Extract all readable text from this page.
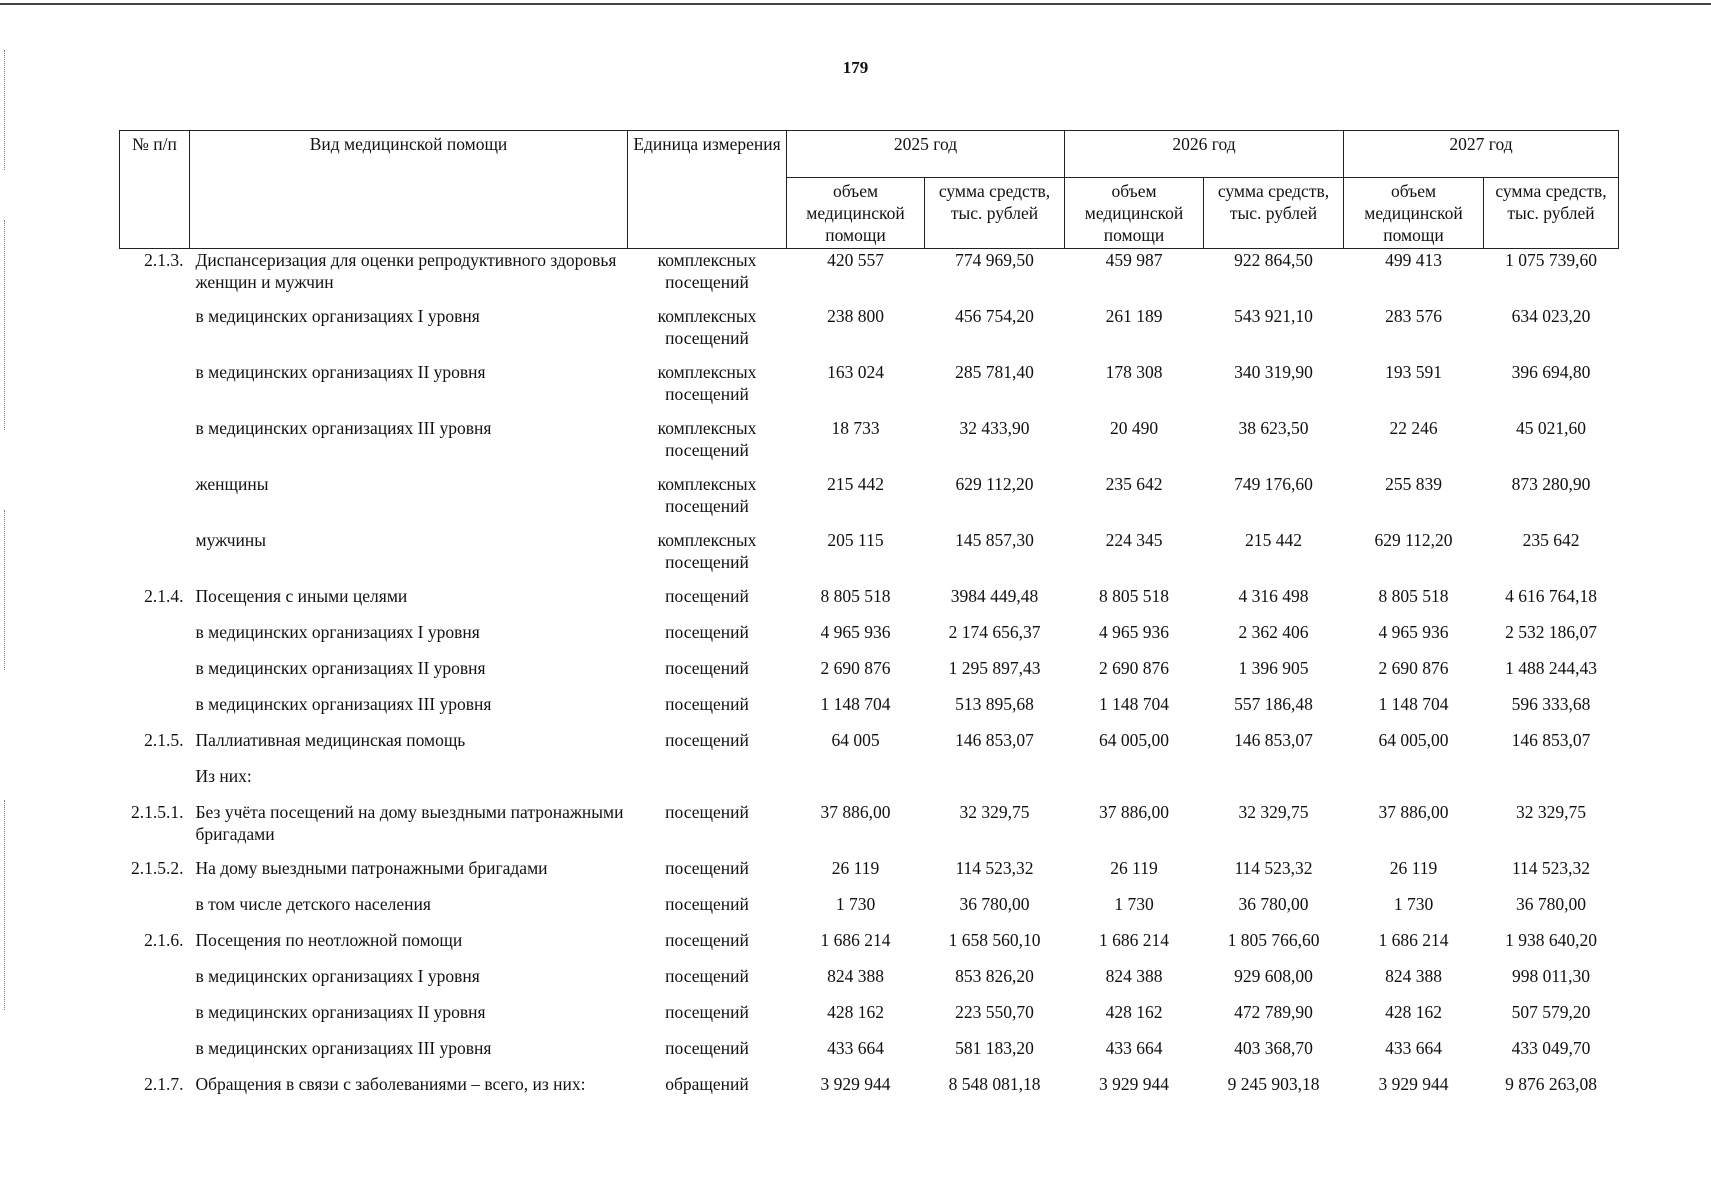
179
№ п/п	Вид медицинской помощи	Единица измерения	2025 год		2026 год		2027 год	
			объем медицинской помощи	сумма средств, тыс. рублей	объем медицинской помощи	сумма средств, тыс. рублей	объем медицинской помощи	сумма средств, тыс. рублей
2.1.3.	Диспансеризация для оценки репродуктивного здоровья женщин и мужчин	комплексных посещений	420 557	774 969,50	459 987	922 864,50	499 413	1 075 739,60
	в медицинских организациях I уровня	комплексных посещений	238 800	456 754,20	261 189	543 921,10	283 576	634 023,20
	в медицинских организациях II уровня	комплексных посещений	163 024	285 781,40	178 308	340 319,90	193 591	396 694,80
	в медицинских организациях III уровня	комплексных посещений	18 733	32 433,90	20 490	38 623,50	22 246	45 021,60
	женщины	комплексных посещений	215 442	629 112,20	235 642	749 176,60	255 839	873 280,90
	мужчины	комплексных посещений	205 115	145 857,30	224 345	215 442	629 112,20	235 642
2.1.4.	Посещения с иными целями	посещений	8 805 518	3984 449,48	8 805 518	4 316 498	8 805 518	4 616 764,18
	в медицинских организациях I уровня	посещений	4 965 936	2 174 656,37	4 965 936	2 362 406	4 965 936	2 532 186,07
	в медицинских организациях II уровня	посещений	2 690 876	1 295 897,43	2 690 876	1 396 905	2 690 876	1 488 244,43
	в медицинских организациях III уровня	посещений	1 148 704	513 895,68	1 148 704	557 186,48	1 148 704	596 333,68
2.1.5.	Паллиативная медицинская помощь	посещений	64 005	146 853,07	64 005,00	146 853,07	64 005,00	146 853,07
	Из них:							
2.1.5.1.	Без учёта посещений на дому выездными патронажными бригадами	посещений	37 886,00	32 329,75	37 886,00	32 329,75	37 886,00	32 329,75
2.1.5.2.	На дому выездными патронажными бригадами	посещений	26 119	114 523,32	26 119	114 523,32	26 119	114 523,32
	в том числе детского населения	посещений	1 730	36 780,00	1 730	36 780,00	1 730	36 780,00
2.1.6.	Посещения по неотложной помощи	посещений	1 686 214	1 658 560,10	1 686 214	1 805 766,60	1 686 214	1 938 640,20
	в медицинских организациях I уровня	посещений	824 388	853 826,20	824 388	929 608,00	824 388	998 011,30
	в медицинских организациях II уровня	посещений	428 162	223 550,70	428 162	472 789,90	428 162	507 579,20
	в медицинских организациях III уровня	посещений	433 664	581 183,20	433 664	403 368,70	433 664	433 049,70
2.1.7.	Обращения в связи с заболеваниями – всего, из них:	обращений	3 929 944	8 548 081,18	3 929 944	9 245 903,18	3 929 944	9 876 263,08
